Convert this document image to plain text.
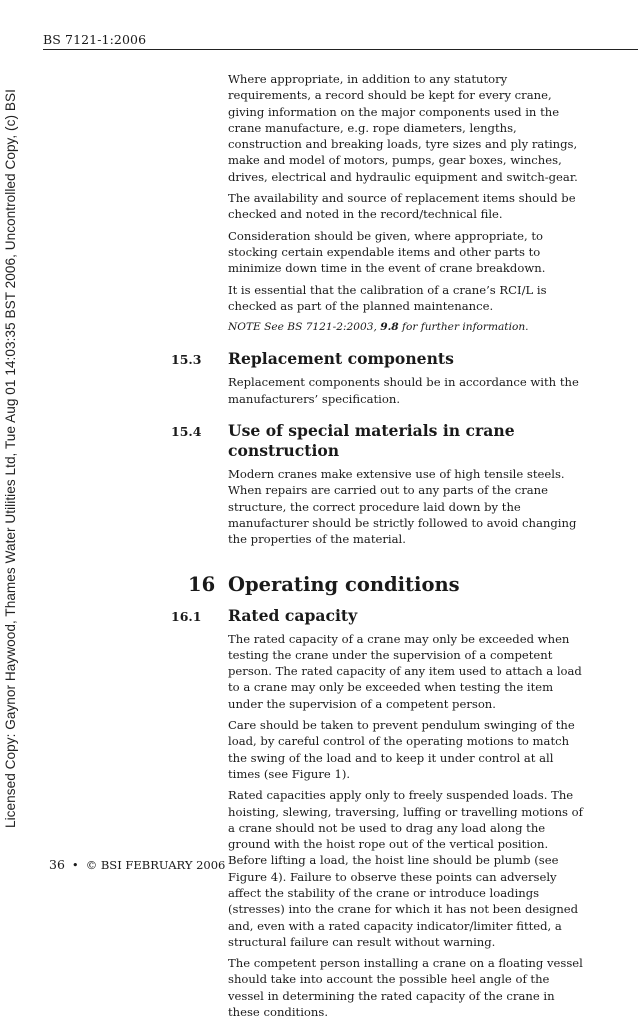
BS 7121-1:2006
Licensed Copy: Gaynor Haywood, Thames Water Utilities Ltd, Tue Aug 01 14:03:35 BST 2006, Uncontrolled Copy, (c) BSI

Where appropriate, in addition to any statutory requirements, a record should be kept for every crane, giving information on the major components used in the crane manufacture, e.g. rope diameters, lengths, construction and breaking loads, tyre sizes and ply ratings, make and model of motors, pumps, gear boxes, winches, drives, electrical and hydraulic equipment and switch-gear.

The availability and source of replacement items should be checked and noted in the record/technical file.

Consideration should be given, where appropriate, to stocking certain expendable items and other parts to minimize down time in the event of crane breakdown.

It is essential that the calibration of a crane’s RCI/L is checked as part of the planned maintenance.

NOTE See BS 7121-2:2003, 9.8 for further information.

15.3	Replacement components

Replacement components should be in accordance with the manufacturers’ specification.

15.4	Use of special materials in crane construction

Modern cranes make extensive use of high tensile steels. When repairs are carried out to any parts of the crane structure, the correct procedure laid down by the manufacturer should be strictly followed to avoid changing the properties of the material.

16 Operating conditions
16.1	Rated capacity

The rated capacity of a crane may only be exceeded when testing the crane under the supervision of a competent person. The rated capacity of any item used to attach a load to a crane may only be exceeded when testing the item under the supervision of a competent person.

Care should be taken to prevent pendulum swinging of the load, by careful control of the operating motions to match the swing of the load and to keep it under control at all times (see Figure 1).

Rated capacities apply only to freely suspended loads. The hoisting, slewing, traversing, luffing or travelling motions of a crane should not be used to drag any load along the ground with the hoist rope out of the vertical position. Before lifting a load, the hoist line should be plumb (see Figure 4). Failure to observe these points can adversely affect the stability of the crane or introduce loadings (stresses) into the crane for which it has not been designed and, even with a rated capacity indicator/limiter fitted, a structural failure can result without warning.

The competent person installing a crane on a floating vessel should take into account the possible heel angle of the vessel in determining the rated capacity of the crane in these conditions.

36 • © BSI FEBRUARY 2006
